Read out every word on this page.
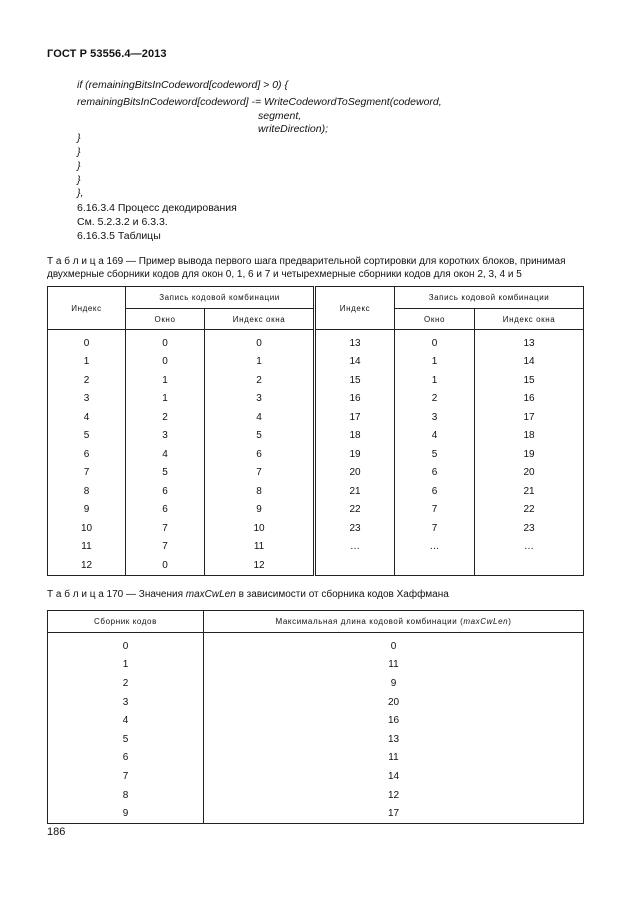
ГОСТ Р 53556.4—2013
if (remainingBitsInCodeword[codeword] > 0) {
remainingBitsInCodeword[codeword] -= WriteCodewordToSegment(codeword,
segment,
writeDirection);
}
}
}
}
},
6.16.3.4 Процесс декодирования
См. 5.2.3.2 и 6.3.3.
6.16.3.5 Таблицы
Т а б л и ц а 169 — Пример вывода первого шага предварительной сортировки для коротких блоков, принимая
двухмерные сборники кодов для окон 0, 1, 6 и 7 и четырехмерные сборники кодов для окон 2, 3, 4 и 5
Индекс	Запись кодовой комбинации		Индекс	Запись кодовой комбинации	
	Окно	Индекс окна		Окно	Индекс окна
0	0	0	13	0	13
1	0	1	14	1	14
2	1	2	15	1	15
3	1	3	16	2	16
4	2	4	17	3	17
5	3	5	18	4	18
6	4	6	19	5	19
7	5	7	20	6	20
8	6	8	21	6	21
9	6	9	22	7	22
10	7	10	23	7	23
11	7	11	…	…	…
12	0	12			
Т а б л и ц а 170 — Значения maxCwLen в зависимости от сборника кодов Хаффмана
Сборник кодов	Максимальная длина кодовой комбинации (maxCwLen)
0	0
1	11
2	9
3	20
4	16
5	13
6	11
7	14
8	12
9	17
186
